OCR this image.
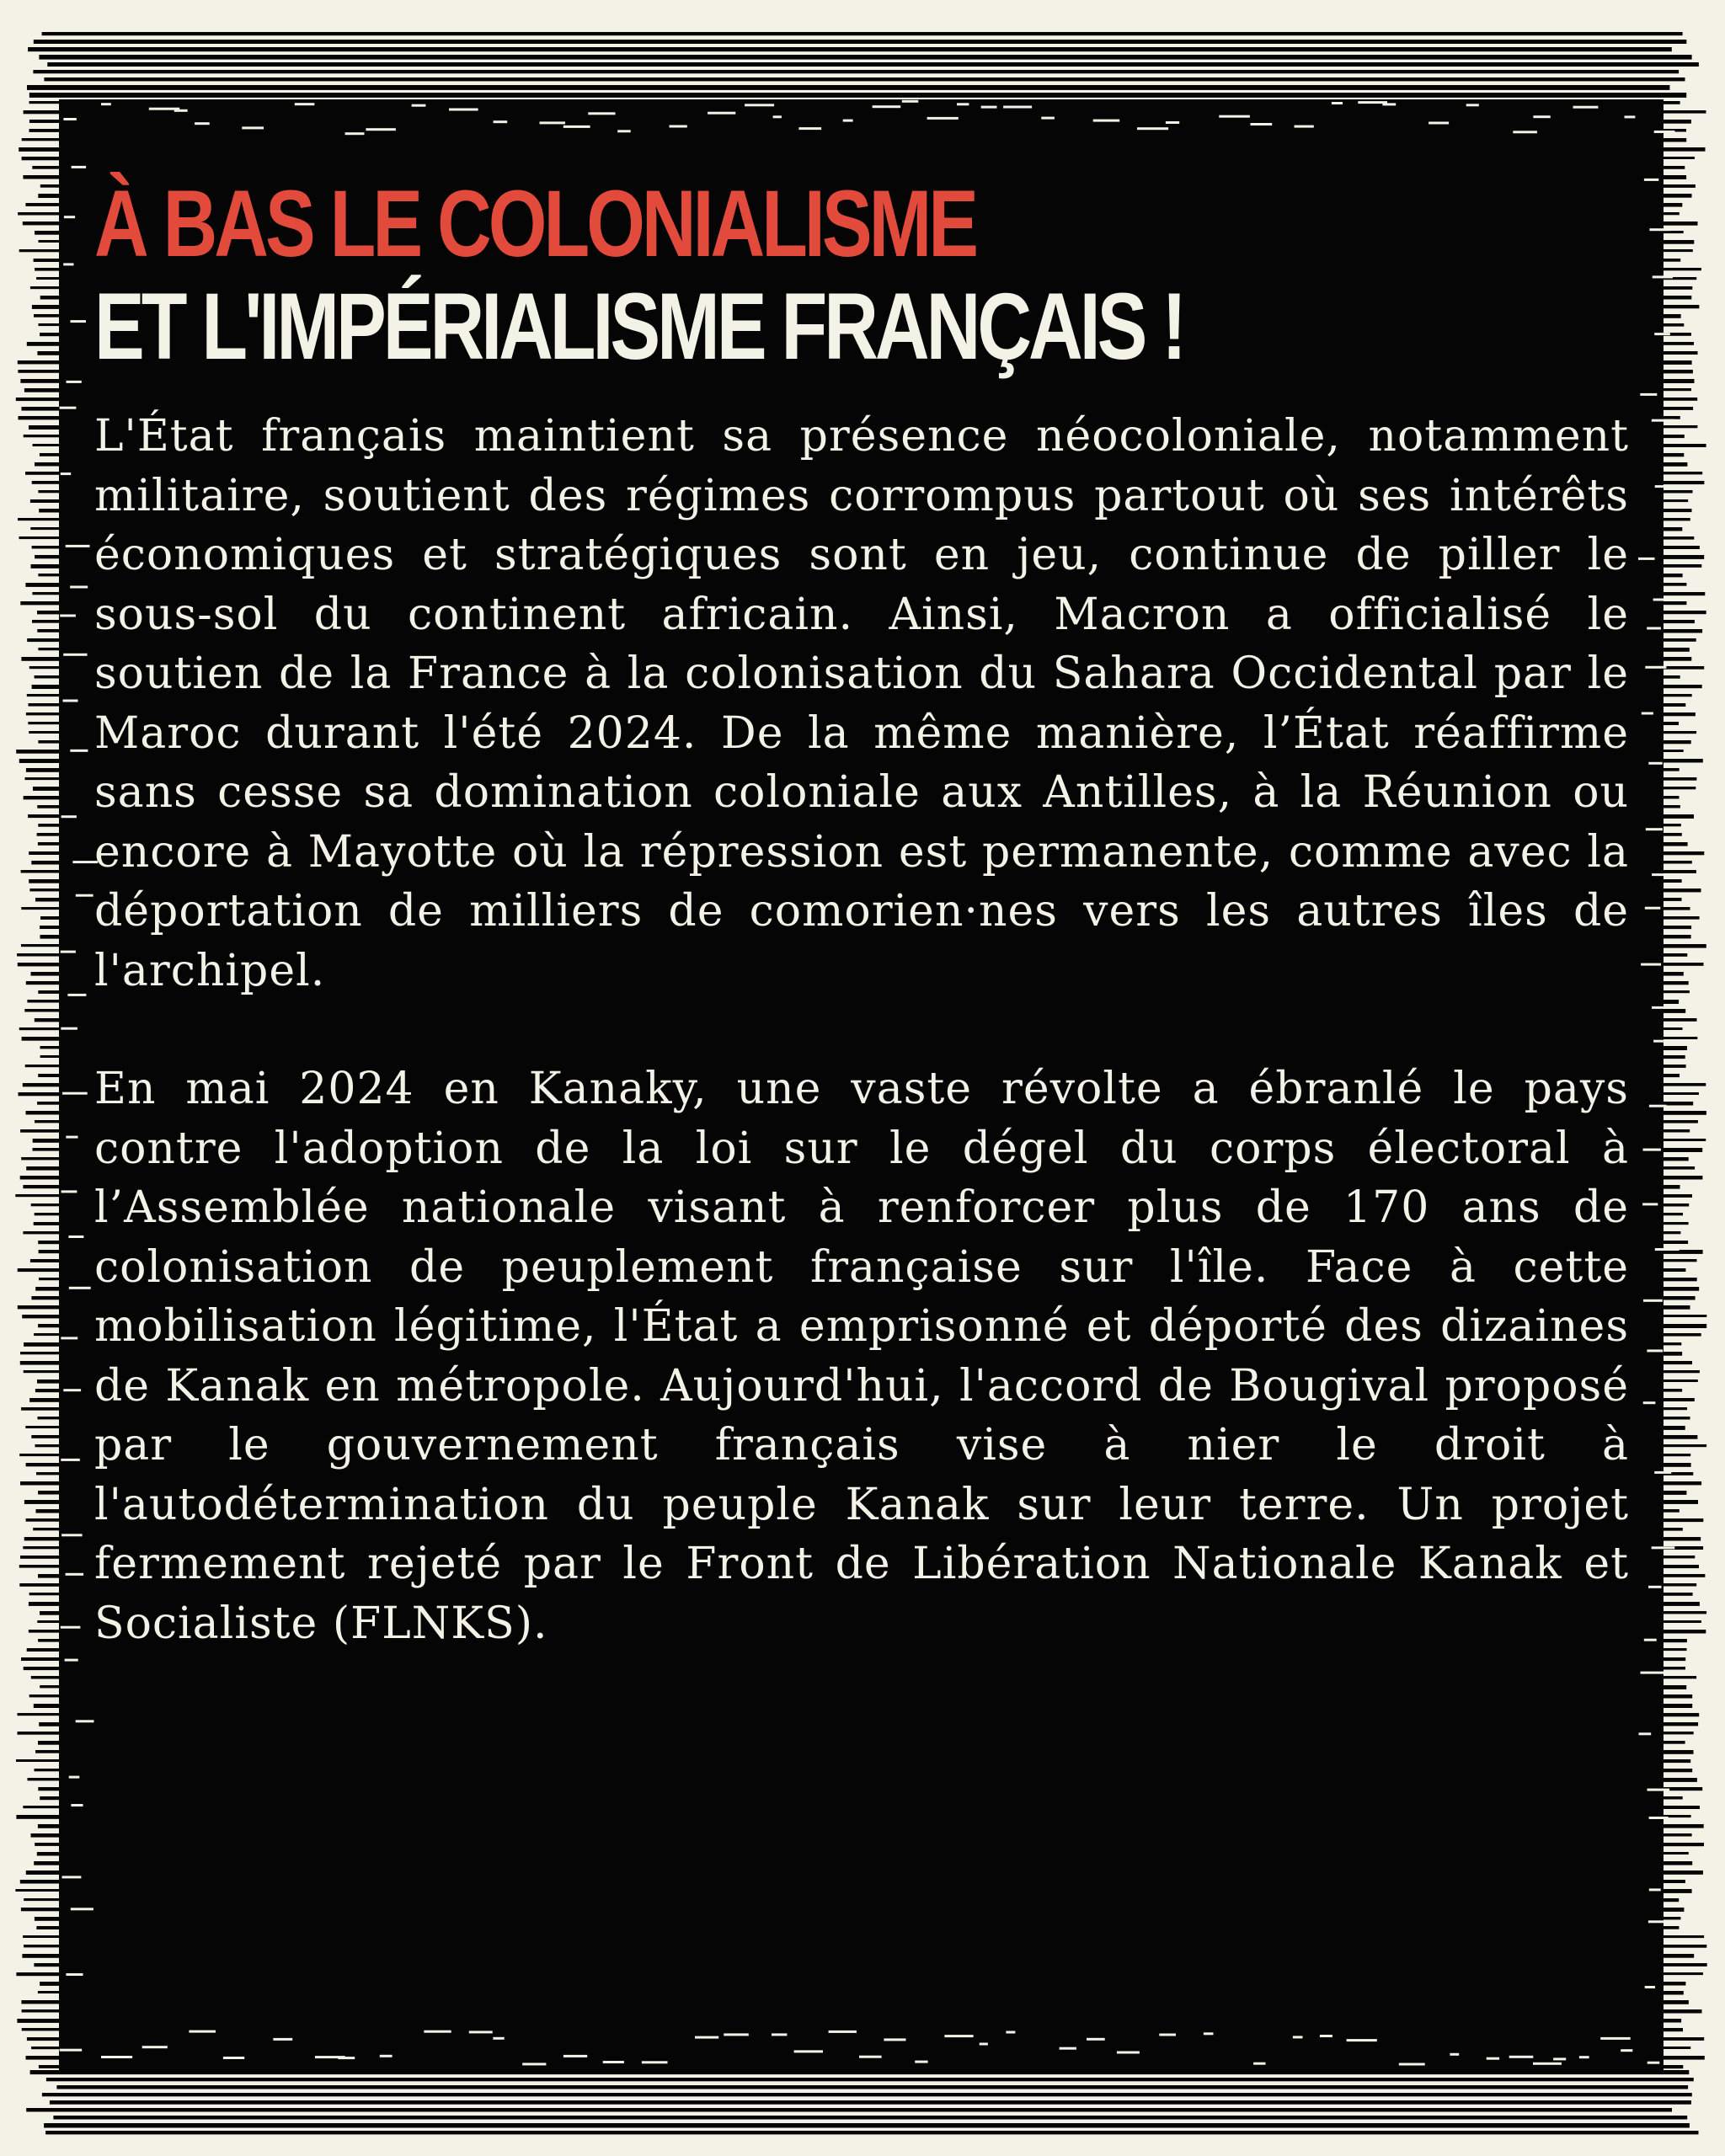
À BAS LE COLONIALISME
ET L'IMPÉRIALISME FRANÇAIS !

L'État français maintient sa présence néocoloniale, notamment militaire, soutient des régimes corrompus partout où ses intérêts économiques et stratégiques sont en jeu, continue de piller le sous-sol du continent africain. Ainsi, Macron a officialisé le soutien de la France à la colonisation du Sahara Occidental par le Maroc durant l'été 2024. De la même manière, l’État réaffirme sans cesse sa domination coloniale aux Antilles, à la Réunion ou encore à Mayotte où la répression est permanente, comme avec la déportation de milliers de comorien·nes vers les autres îles de l'archipel.

En mai 2024 en Kanaky, une vaste révolte a ébranlé le pays contre l'adoption de la loi sur le dégel du corps électoral à l’Assemblée nationale visant à renforcer plus de 170 ans de colonisation de peuplement française sur l'île. Face à cette mobilisation légitime, l'État a emprisonné et déporté des dizaines de Kanak en métropole. Aujourd'hui, l'accord de Bougival proposé par le gouvernement français vise à nier le droit à l'autodétermination du peuple Kanak sur leur terre. Un projet fermement rejeté par le Front de Libération Nationale Kanak et Socialiste (FLNKS).
